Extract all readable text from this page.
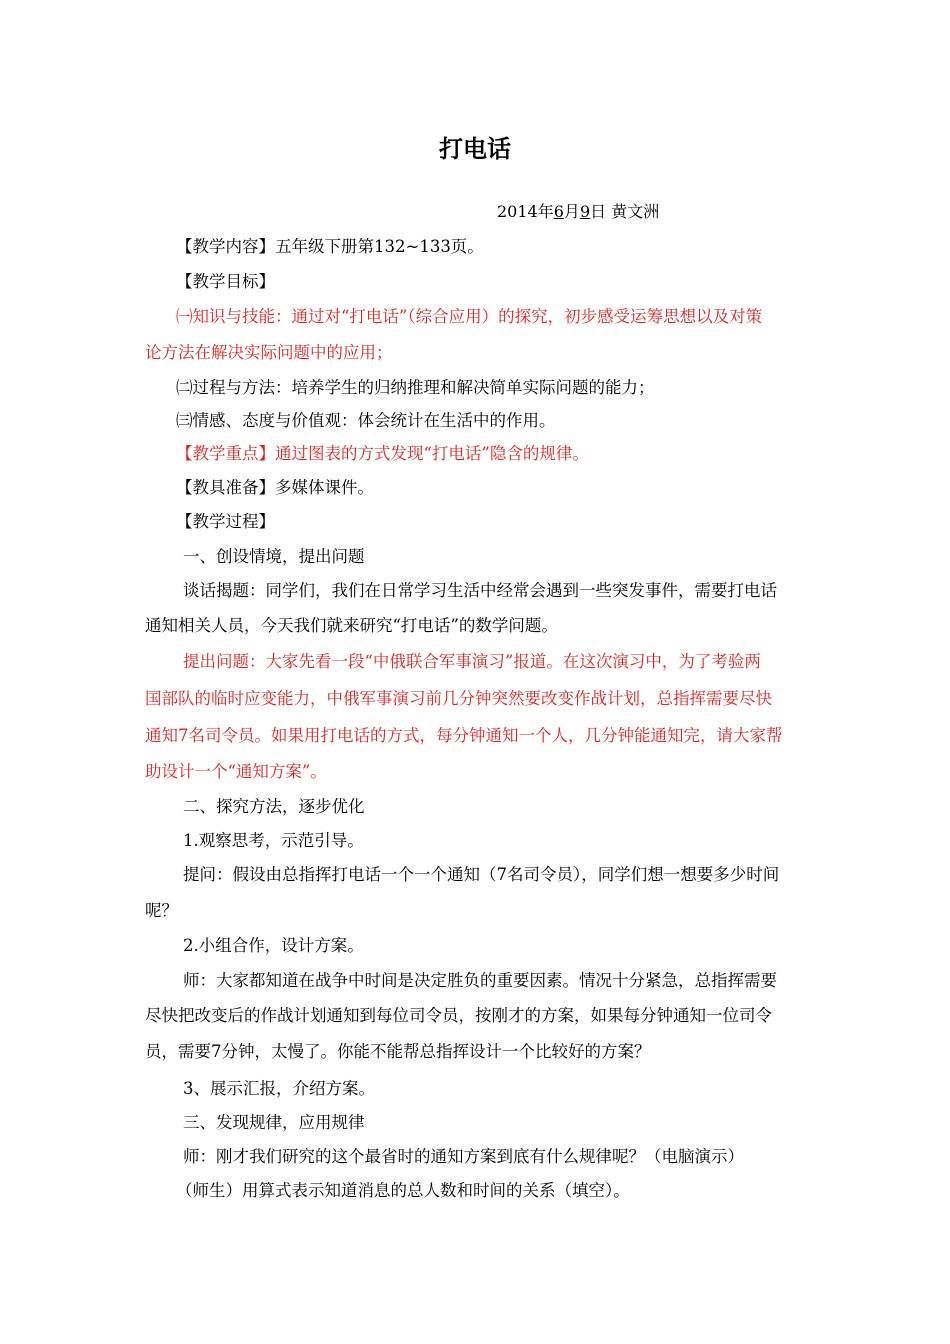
打电话
2014年6月9日 黄文洲
【教学内容】五年级下册第132~133页。
【教学目标】
㈠知识与技能：通过对“打电话”（综合应用）的探究，初步感受运筹思想以及对策
论方法在解决实际问题中的应用；
㈡过程与方法：培养学生的归纳推理和解决简单实际问题的能力；
㈢情感、态度与价值观：体会统计在生活中的作用。
【教学重点】通过图表的方式发现“打电话”隐含的规律。
【教具准备】多媒体课件。
【教学过程】
一、创设情境，提出问题
谈话揭题：同学们，我们在日常学习生活中经常会遇到一些突发事件，需要打电话
通知相关人员，今天我们就来研究“打电话”的数学问题。
提出问题：大家先看一段“中俄联合军事演习”报道。在这次演习中，为了考验两
国部队的临时应变能力，中俄军事演习前几分钟突然要改变作战计划，总指挥需要尽快
通知7名司令员。如果用打电话的方式，每分钟通知一个人，几分钟能通知完，请大家帮
助设计一个“通知方案”。
二、探究方法，逐步优化
1.观察思考，示范引导。
提问：假设由总指挥打电话一个一个通知（7名司令员），同学们想一想要多少时间
呢？
2.小组合作，设计方案。
师：大家都知道在战争中时间是决定胜负的重要因素。情况十分紧急，总指挥需要
尽快把改变后的作战计划通知到每位司令员，按刚才的方案，如果每分钟通知一位司令
员，需要7分钟，太慢了。你能不能帮总指挥设计一个比较好的方案？
3、展示汇报，介绍方案。
三、发现规律，应用规律
师：刚才我们研究的这个最省时的通知方案到底有什么规律呢？（电脑演示）
（师生）用算式表示知道消息的总人数和时间的关系（填空）。
